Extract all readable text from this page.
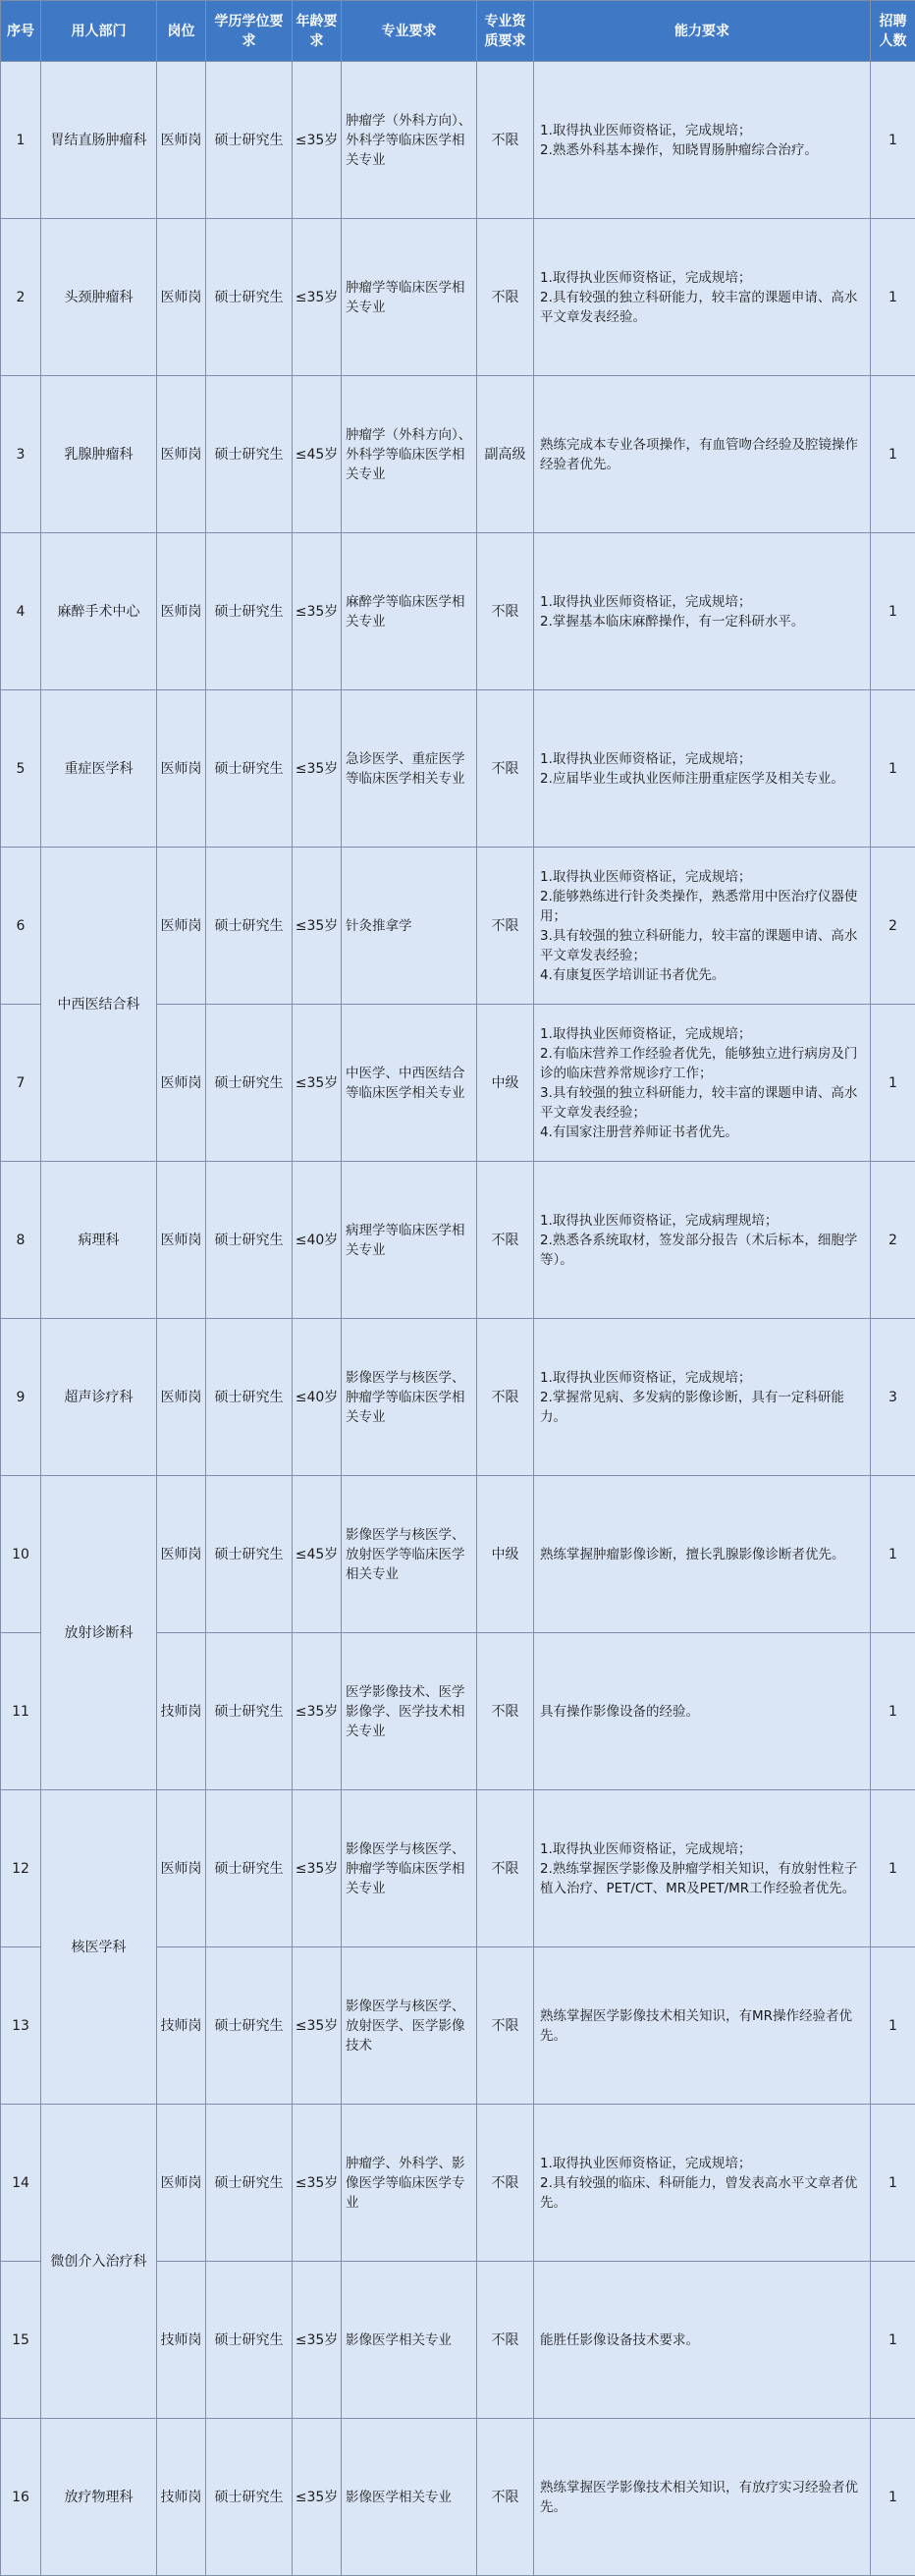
序号	用人部门	岗位	学历学位要求	年龄要求	专业要求	专业资质要求	能力要求	招聘人数
1	胃结直肠肿瘤科	医师岗	硕士研究生	≤35岁	肿瘤学（外科方向）、外科学等临床医学相关专业	不限	1.取得执业医师资格证，完成规培；
2.熟悉外科基本操作，知晓胃肠肿瘤综合治疗。	1
2	头颈肿瘤科	医师岗	硕士研究生	≤35岁	肿瘤学等临床医学相关专业	不限	1.取得执业医师资格证，完成规培；
2.具有较强的独立科研能力，较丰富的课题申请、高水平文章发表经验。	1
3	乳腺肿瘤科	医师岗	硕士研究生	≤45岁	肿瘤学（外科方向）、外科学等临床医学相关专业	副高级	熟练完成本专业各项操作，有血管吻合经验及腔镜操作经验者优先。	1
4	麻醉手术中心	医师岗	硕士研究生	≤35岁	麻醉学等临床医学相关专业	不限	1.取得执业医师资格证，完成规培；
2.掌握基本临床麻醉操作，有一定科研水平。	1
5	重症医学科	医师岗	硕士研究生	≤35岁	急诊医学、重症医学等临床医学相关专业	不限	1.取得执业医师资格证，完成规培；
2.应届毕业生或执业医师注册重症医学及相关专业。	1
6	中西医结合科	医师岗	硕士研究生	≤35岁	针灸推拿学	不限	1.取得执业医师资格证，完成规培；
2.能够熟练进行针灸类操作，熟悉常用中医治疗仪器使用；
3.具有较强的独立科研能力，较丰富的课题申请、高水平文章发表经验；
4.有康复医学培训证书者优先。	2
7		医师岗	硕士研究生	≤35岁	中医学、中西医结合等临床医学相关专业	中级	1.取得执业医师资格证，完成规培；
2.有临床营养工作经验者优先，能够独立进行病房及门诊的临床营养常规诊疗工作；
3.具有较强的独立科研能力，较丰富的课题申请、高水平文章发表经验；
4.有国家注册营养师证书者优先。	1
8	病理科	医师岗	硕士研究生	≤40岁	病理学等临床医学相关专业	不限	1.取得执业医师资格证，完成病理规培；
2.熟悉各系统取材，签发部分报告（术后标本，细胞学等）。	2
9	超声诊疗科	医师岗	硕士研究生	≤40岁	影像医学与核医学、肿瘤学等临床医学相关专业	不限	1.取得执业医师资格证，完成规培；
2.掌握常见病、多发病的影像诊断，具有一定科研能力。	3
10	放射诊断科	医师岗	硕士研究生	≤45岁	影像医学与核医学、放射医学等临床医学相关专业	中级	熟练掌握肿瘤影像诊断，擅长乳腺影像诊断者优先。	1
11		技师岗	硕士研究生	≤35岁	医学影像技术、医学影像学、医学技术相关专业	不限	具有操作影像设备的经验。	1
12	核医学科	医师岗	硕士研究生	≤35岁	影像医学与核医学、肿瘤学等临床医学相关专业	不限	1.取得执业医师资格证，完成规培；
2.熟练掌握医学影像及肿瘤学相关知识，有放射性粒子植入治疗、PET/CT、MR及PET/MR工作经验者优先。	1
13		技师岗	硕士研究生	≤35岁	影像医学与核医学、放射医学、医学影像技术	不限	熟练掌握医学影像技术相关知识，有MR操作经验者优先。	1
14	微创介入治疗科	医师岗	硕士研究生	≤35岁	肿瘤学、外科学、影像医学等临床医学专业	不限	1.取得执业医师资格证，完成规培；
2.具有较强的临床、科研能力，曾发表高水平文章者优先。	1
15		技师岗	硕士研究生	≤35岁	影像医学相关专业	不限	能胜任影像设备技术要求。	1
16	放疗物理科	技师岗	硕士研究生	≤35岁	影像医学相关专业	不限	熟练掌握医学影像技术相关知识，有放疗实习经验者优先。	1
